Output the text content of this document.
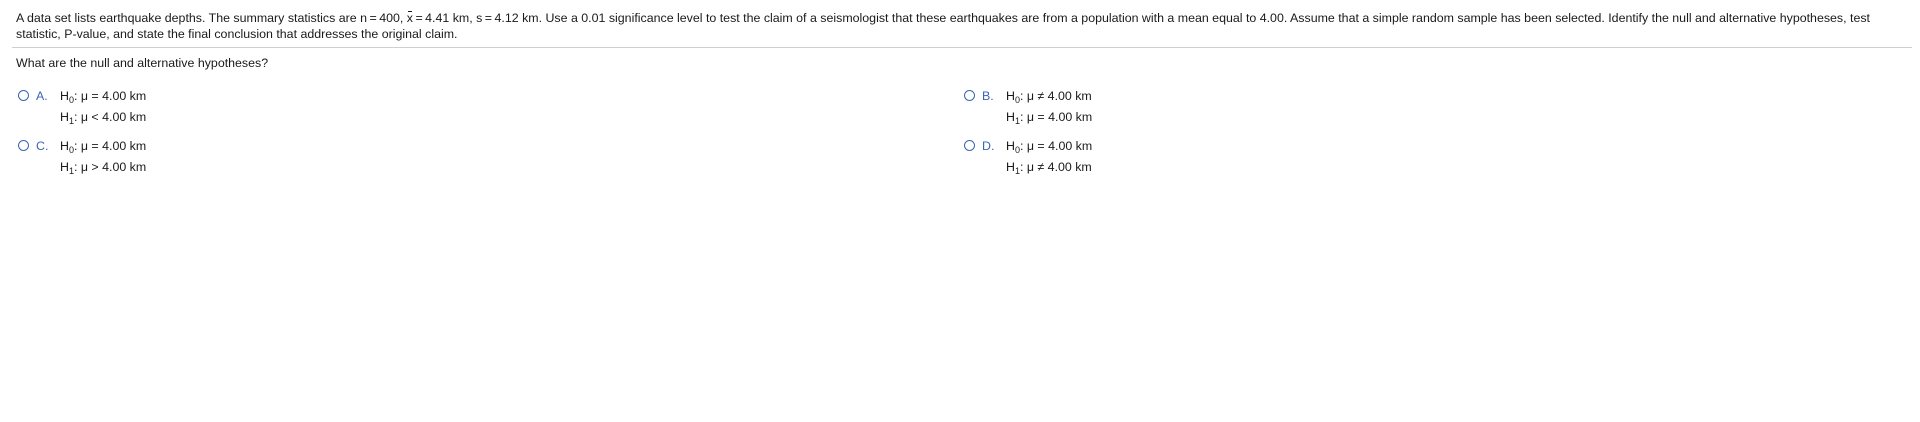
A data set lists earthquake depths. The summary statistics are n = 400, x = 4.41 km, s = 4.12 km. Use a 0.01 significance level to test the claim of a seismologist that these earthquakes are from a population with a mean equal to 4.00. Assume that a simple random sample has been selected. Identify the null and alternative hypotheses, test statistic, P-value, and state the final conclusion that addresses the original claim.
What are the null and alternative hypotheses?
A. $H_0$: μ = 4.00 km
$H_1$: μ < 4.00 km
B. $H_0$: μ ≠ 4.00 km
$H_1$: μ = 4.00 km
C. $H_0$: μ = 4.00 km
$H_1$: μ > 4.00 km
D. $H_0$: μ = 4.00 km
$H_1$: μ ≠ 4.00 km
